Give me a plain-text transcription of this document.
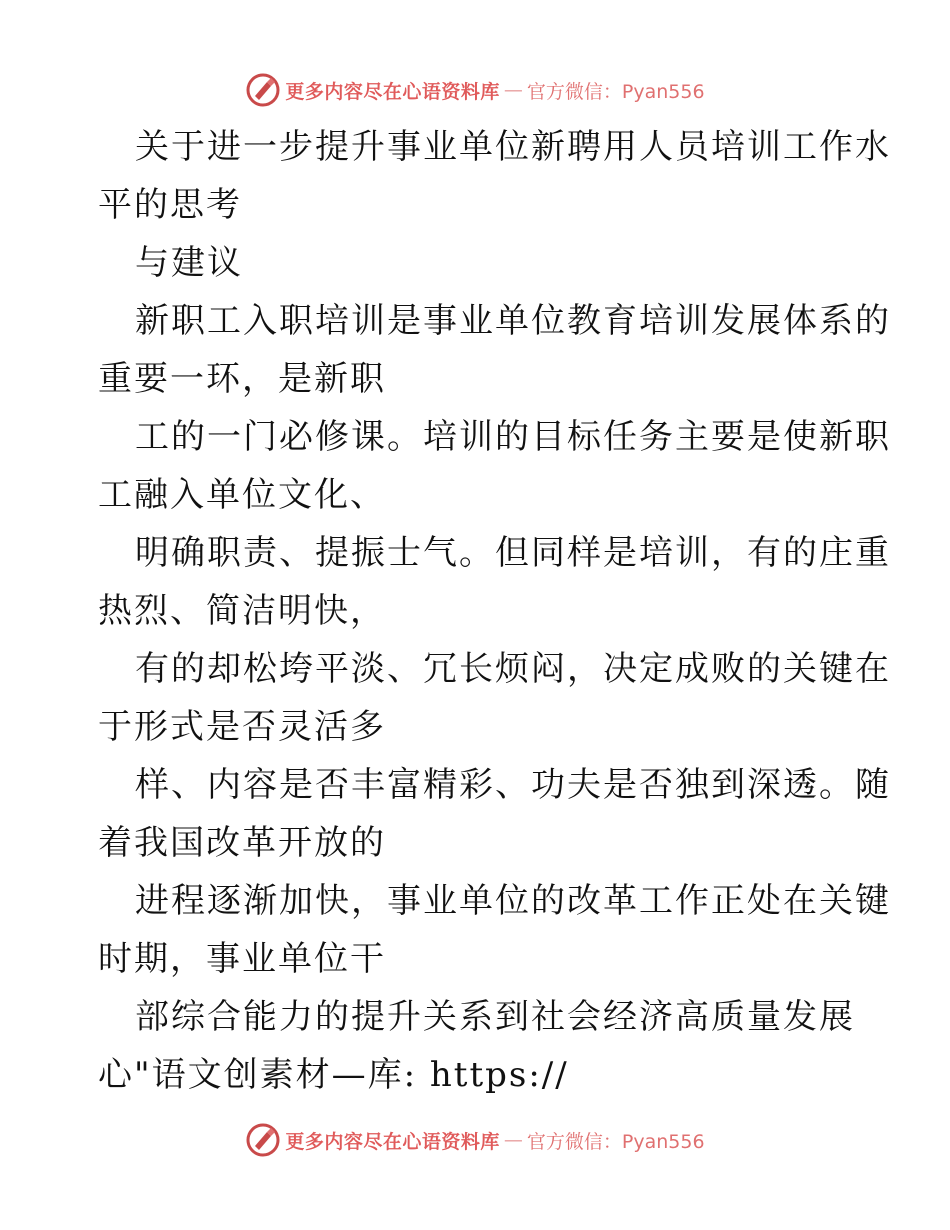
更多内容尽在心语资料库 — 官方微信：Pyan556
关于进一步提升事业单位新聘用人员培训工作水
平的思考
与建议
新职工入职培训是事业单位教育培训发展体系的
重要一环，是新职
工的一门必修课。培训的目标任务主要是使新职
工融入单位文化、
明确职责、提振士气。但同样是培训，有的庄重
热烈、简洁明快，
有的却松垮平淡、冗长烦闷，决定成败的关键在
于形式是否灵活多
样、内容是否丰富精彩、功夫是否独到深透。随
着我国改革开放的
进程逐渐加快，事业单位的改革工作正处在关键
时期，事业单位干
部综合能力的提升关系到社会经济高质量发展
心"语文创素材—库: https://
更多内容尽在心语资料库 — 官方微信：Pyan556
